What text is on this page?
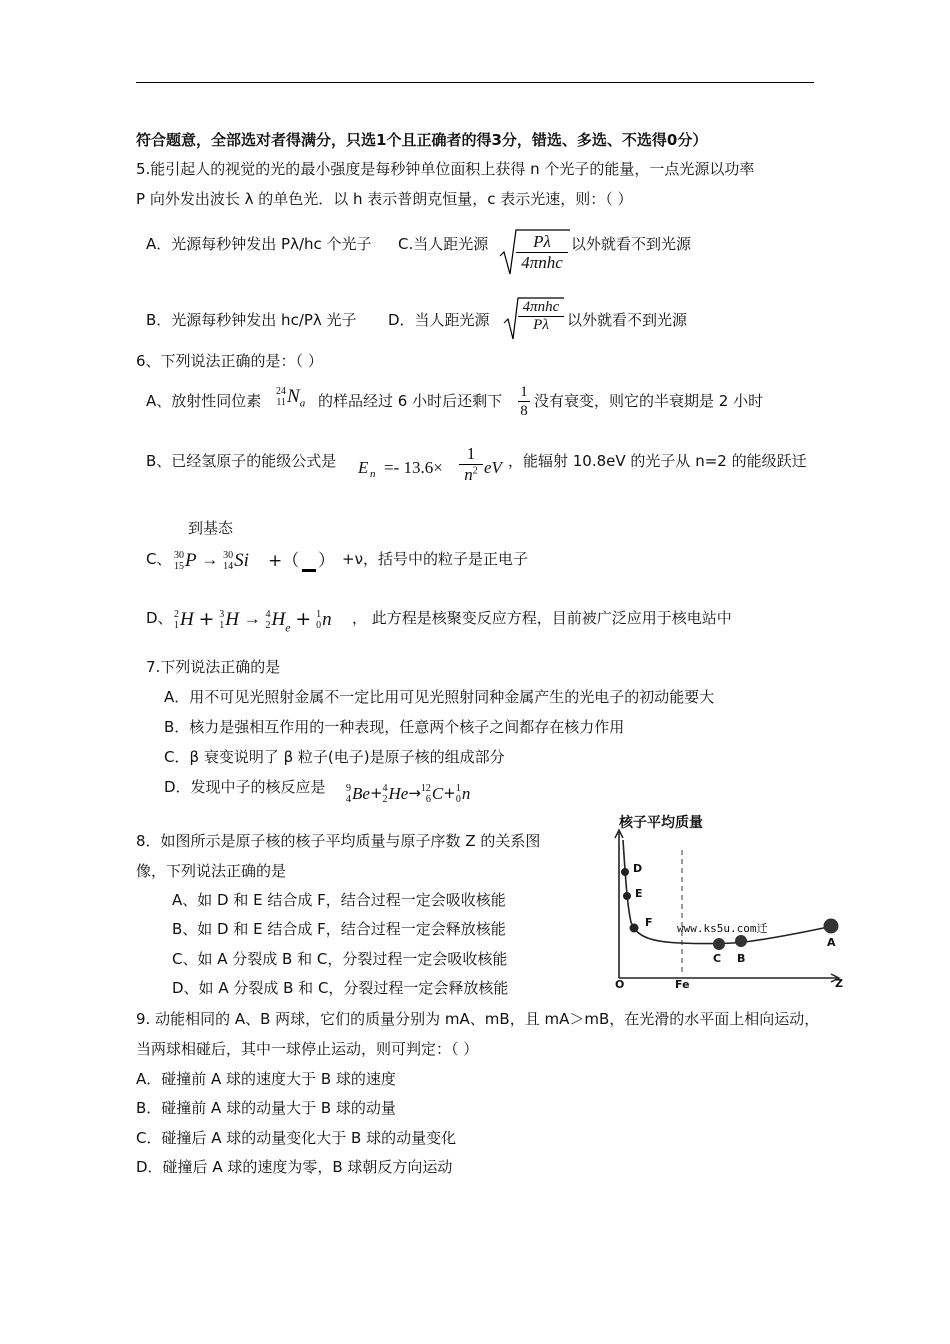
符合题意，全部选对者得满分，只选1个且正确者的得3分，错选、多选、不选得0分）
5.能引起人的视觉的光的最小强度是每秒钟单位面积上获得 n 个光子的能量，一点光源以功率
P 向外发出波长 λ 的单色光．以 h 表示普朗克恒量，c 表示光速，则：（ ）
A．光源每秒钟发出 Pλ/hc 个光子 C.当人距光源	Pλ
4πnhc
以外就看不到光源
B．光源每秒钟发出 hc/Pλ 光子 D．当人距光源
4πnhc
Pλ	以外就看不到光源
6、下列说法正确的是：（ ）
A、放射性同位素
24
11 $N_a$ 的样品经过 6 小时后还剩下 $\frac{1}{8}$ 没有衰变，则它的半衰期是 2 小时
B、已经氢原子的能级公式是 E n =- 13.6×
1
$n^2$ eV ，能辐射 10.8eV 的光子从 n=2 的能级跃迁
到基态
C、 30
15 P → 30
14 Si +（ ） +ν，括号中的粒子是正电子
D、 2
1 H + 3
1 H → 4
2 $H_e + 1$
0 n ， 此方程是核聚变反应方程，目前被广泛应用于核电站中
7.下列说法正确的是
A．用不可见光照射金属不一定比用可见光照射同种金属产生的光电子的初动能要大
B．核力是强相互作用的一种表现，任意两个核子之间都存在核力作用
C．β 衰变说明了 β 粒子(电子)是原子核的组成部分
D．发现中子的核反应是 9
4 Be+ 4
2 He→ 12
6 C+ 1
0 n
8．如图所示是原子核的核子平均质量与原子序数 Z 的关系图
像，下列说法正确的是
A、如 D 和 E 结合成 F，结合过程一定会吸收核能
B、如 D 和 E 结合成 F，结合过程一定会释放核能
C、如 A 分裂成 B 和 C，分裂过程一定会吸收核能
D、如 A 分裂成 B 和 C，分裂过程一定会释放核能
核子平均质量
D
E
F
C B
A
www.ks5u.com迁
O	Fe	Z
9. 动能相同的 A、B 两球，它们的质量分别为 mA、mB，且 mA＞mB，在光滑的水平面上相向运动，
当两球相碰后，其中一球停止运动，则可判定：（ ）
A．碰撞前 A 球的速度大于 B 球的速度
B．碰撞前 A 球的动量大于 B 球的动量
C．碰撞后 A 球的动量变化大于 B 球的动量变化
D．碰撞后 A 球的速度为零，B 球朝反方向运动
